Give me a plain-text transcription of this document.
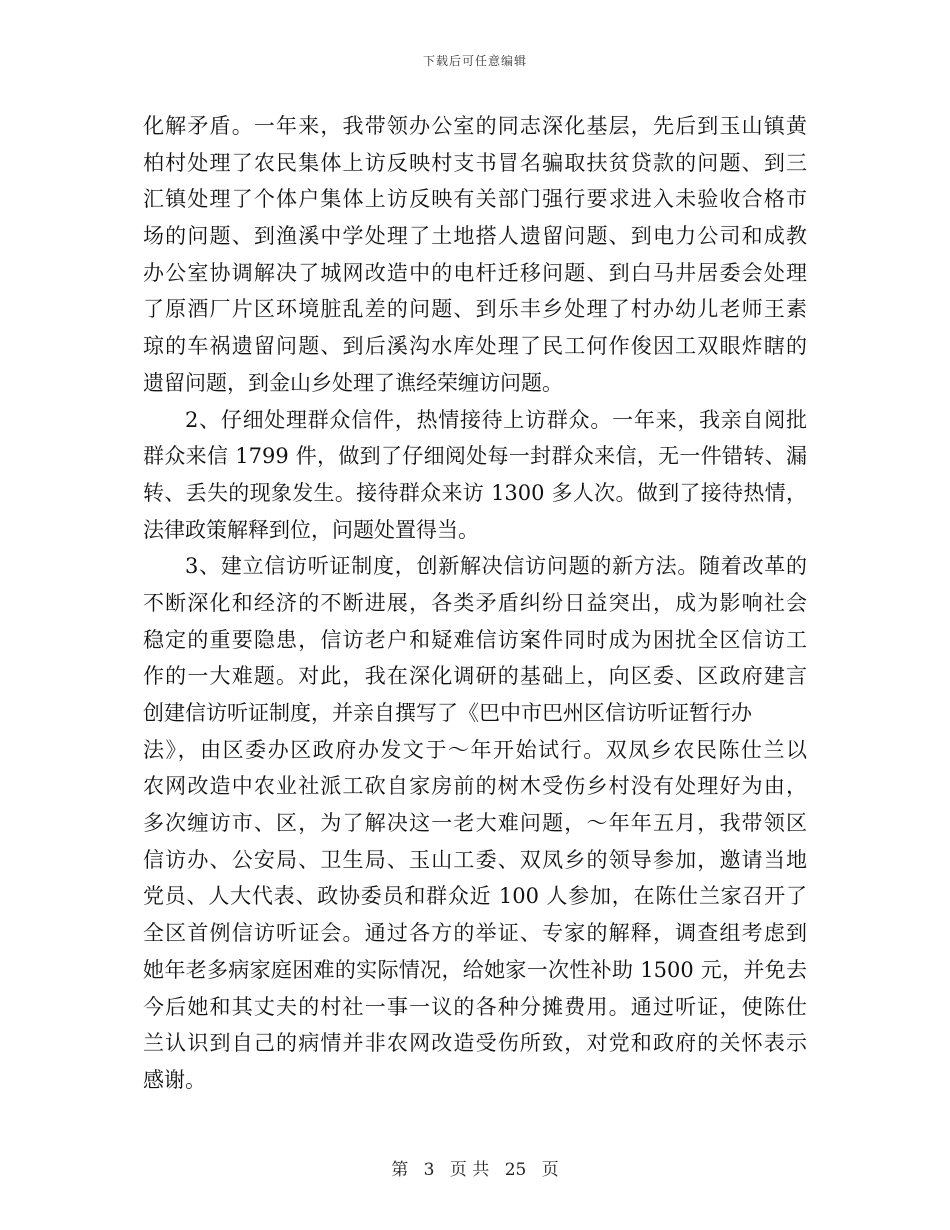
下载后可任意编辑
化解矛盾。一年来，我带领办公室的同志深化基层，先后到玉山镇黄
柏村处理了农民集体上访反映村支书冒名骗取扶贫贷款的问题、到三
汇镇处理了个体户集体上访反映有关部门强行要求进入未验收合格市
场的问题、到渔溪中学处理了土地搭人遗留问题、到电力公司和成教
办公室协调解决了城网改造中的电杆迁移问题、到白马井居委会处理
了原酒厂片区环境脏乱差的问题、到乐丰乡处理了村办幼儿老师王素
琼的车祸遗留问题、到后溪沟水库处理了民工何作俊因工双眼炸瞎的
遗留问题，到金山乡处理了谯经荣缠访问题。
2、仔细处理群众信件，热情接待上访群众。一年来，我亲自阅批
群众来信 1799 件，做到了仔细阅处每一封群众来信，无一件错转、漏
转、丢失的现象发生。接待群众来访 1300 多人次。做到了接待热情，
法律政策解释到位，问题处置得当。
3、建立信访听证制度，创新解决信访问题的新方法。随着改革的
不断深化和经济的不断进展，各类矛盾纠纷日益突出，成为影响社会
稳定的重要隐患，信访老户和疑难信访案件同时成为困扰全区信访工
作的一大难题。对此，我在深化调研的基础上，向区委、区政府建言
创建信访听证制度，并亲自撰写了《巴中市巴州区信访听证暂行办
法》，由区委办区政府办发文于～年开始试行。双凤乡农民陈仕兰以
农网改造中农业社派工砍自家房前的树木受伤乡村没有处理好为由，
多次缠访市、区，为了解决这一老大难问题，～年年五月，我带领区
信访办、公安局、卫生局、玉山工委、双凤乡的领导参加，邀请当地
党员、人大代表、政协委员和群众近 100 人参加，在陈仕兰家召开了
全区首例信访听证会。通过各方的举证、专家的解释，调查组考虑到
她年老多病家庭困难的实际情况，给她家一次性补助 1500 元，并免去
今后她和其丈夫的村社一事一议的各种分摊费用。通过听证，使陈仕
兰认识到自己的病情并非农网改造受伤所致，对党和政府的关怀表示
感谢。
第 3 页 共 25 页
